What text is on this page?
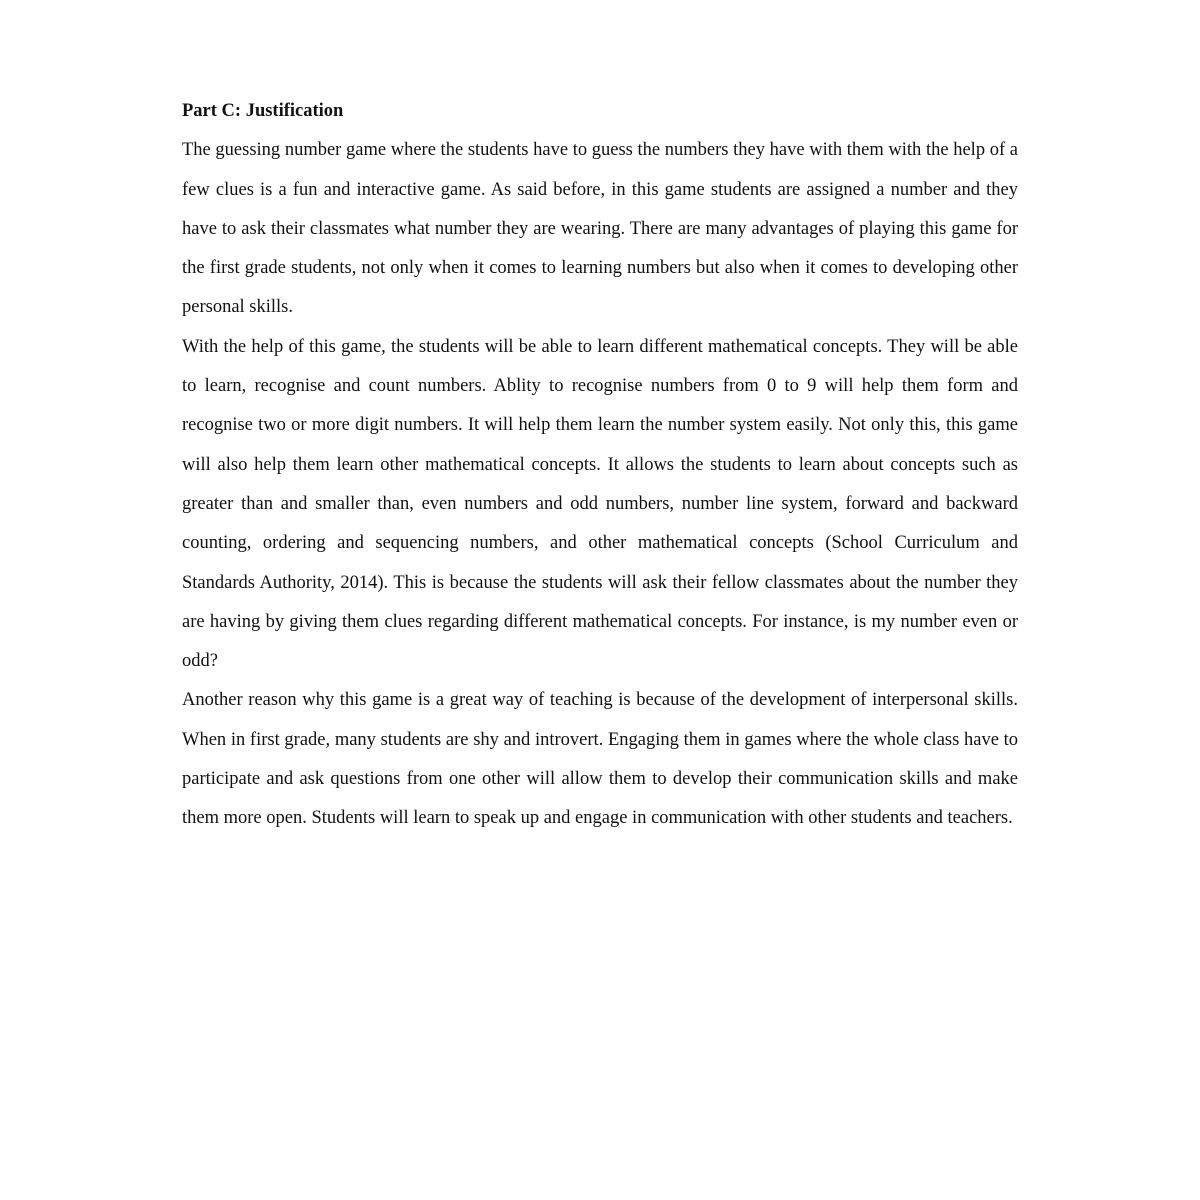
Part C: Justification

The guessing number game where the students have to guess the numbers they have with them with the help of a few clues is a fun and interactive game. As said before, in this game students are assigned a number and they have to ask their classmates what number they are wearing. There are many advantages of playing this game for the first grade students, not only when it comes to learning numbers but also when it comes to developing other personal skills.

With the help of this game, the students will be able to learn different mathematical concepts. They will be able to learn, recognise and count numbers. Ablity to recognise numbers from 0 to 9 will help them form and recognise two or more digit numbers. It will help them learn the number system easily. Not only this, this game will also help them learn other mathematical concepts. It allows the students to learn about concepts such as greater than and smaller than, even numbers and odd numbers, number line system, forward and backward counting, ordering and sequencing numbers, and other mathematical concepts (School Curriculum and Standards Authority, 2014). This is because the students will ask their fellow classmates about the number they are having by giving them clues regarding different mathematical concepts. For instance, is my number even or odd?

Another reason why this game is a great way of teaching is because of the development of interpersonal skills. When in first grade, many students are shy and introvert. Engaging them in games where the whole class have to participate and ask questions from one other will allow them to develop their communication skills and make them more open. Students will learn to speak up and engage in communication with other students and teachers.
